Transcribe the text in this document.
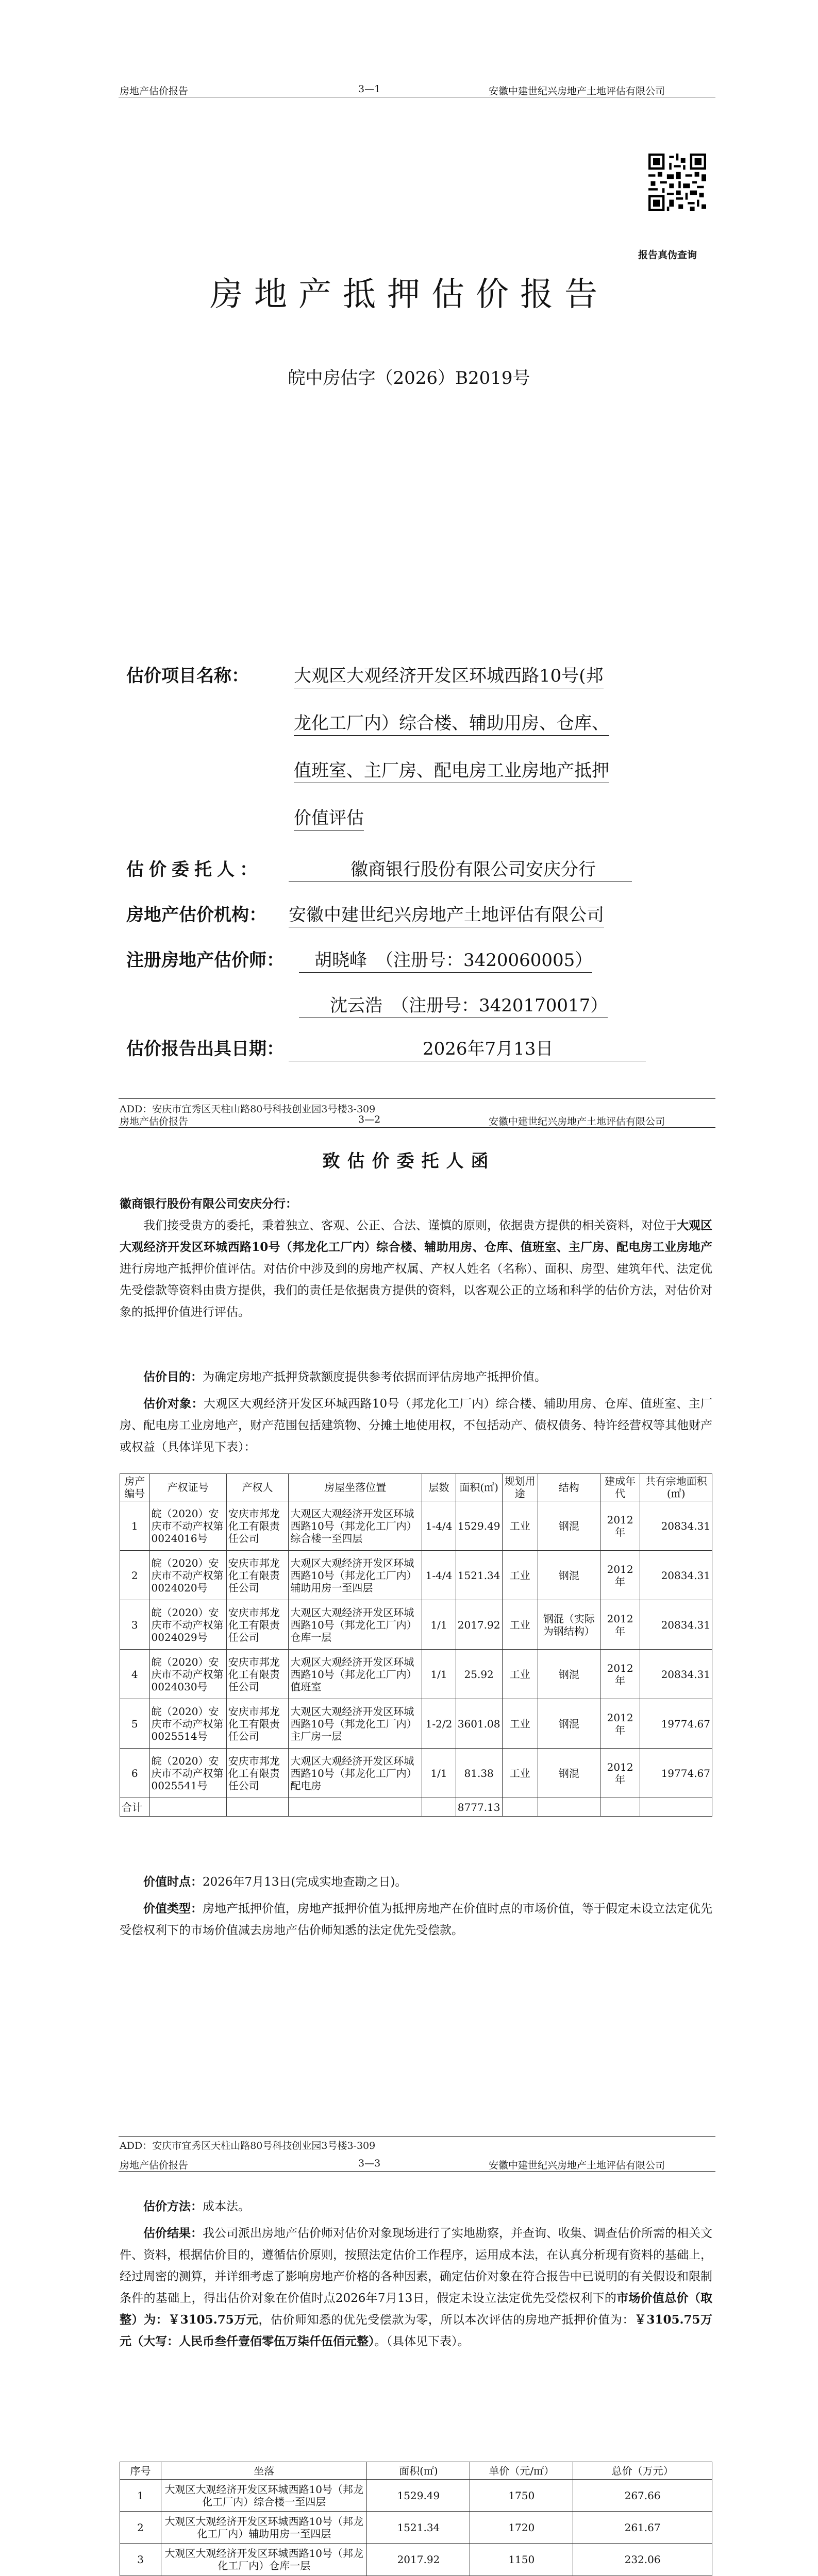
房地产估价报告	3—1	安徽中建世纪兴房地产土地评估有限公司
报告真伪查询
房地产抵押估价报告
皖中房估字（2026）B2019号
估价项目名称：	大观区大观经济开发区环城西路10号(邦
龙化工厂内）综合楼、辅助用房、仓库、
值班室、主厂房、配电房工业房地产抵押
价值评估
估价委托人：	徽商银行股份有限公司安庆分行
房地产估价机构： 安徽中建世纪兴房地产土地评估有限公司
注册房地产估价师：	胡晓峰　（注册号：3420060005）
沈云浩　（注册号：3420170017）
估价报告出具日期：	2026年7月13日
ADD：安庆市宜秀区天柱山路80号科技创业园3号楼3-309
房地产估价报告	3—2	安徽中建世纪兴房地产土地评估有限公司
致估价委托人函
徽商银行股份有限公司安庆分行：
我们接受贵方的委托，秉着独立、客观、公正、合法、谨慎的原则，依据贵方提供的相关资料，对位于大观区大观经济开发区环城西路10号（邦龙化工厂内）综合楼、辅助用房、仓库、值班室、主厂房、配电房工业房地产进行房地产抵押价值评估。对估价中涉及到的房地产权属、产权人姓名（名称）、面积、房型、建筑年代、法定优先受偿款等资料由贵方提供，我们的责任是依据贵方提供的资料，以客观公正的立场和科学的估价方法，对估价对象的抵押价值进行评估。
估价目的：为确定房地产抵押贷款额度提供参考依据而评估房地产抵押价值。
估价对象：大观区大观经济开发区环城西路10号（邦龙化工厂内）综合楼、辅助用房、仓库、值班室、主厂房、配电房工业房地产，财产范围包括建筑物、分摊土地使用权，不包括动产、债权债务、特许经营权等其他财产或权益（具体详见下表）：
房产编号	产权证号	产权人	房屋坐落位置	层数	面积(㎡)	规划用途	结构	建成年代	共有宗地面积(㎡)
1	皖（2020）安庆市不动产权第0024016号	安庆市邦龙化工有限责任公司	大观区大观经济开发区环城西路10号（邦龙化工厂内）综合楼一至四层	1-4/4	1529.49	工业	钢混	2012年	20834.31
2	皖（2020）安庆市不动产权第0024020号	安庆市邦龙化工有限责任公司	大观区大观经济开发区环城西路10号（邦龙化工厂内）辅助用房一至四层	1-4/4	1521.34	工业	钢混	2012年	20834.31
3	皖（2020）安庆市不动产权第0024029号	安庆市邦龙化工有限责任公司	大观区大观经济开发区环城西路10号（邦龙化工厂内）仓库一层	1/1	2017.92	工业	钢混（实际为钢结构）	2012年	20834.31
4	皖（2020）安庆市不动产权第0024030号	安庆市邦龙化工有限责任公司	大观区大观经济开发区环城西路10号（邦龙化工厂内）值班室	1/1	25.92	工业	钢混	2012年	20834.31
5	皖（2020）安庆市不动产权第0025514号	安庆市邦龙化工有限责任公司	大观区大观经济开发区环城西路10号（邦龙化工厂内）主厂房一层	1-2/2	3601.08	工业	钢混	2012年	19774.67
6	皖（2020）安庆市不动产权第0025541号	安庆市邦龙化工有限责任公司	大观区大观经济开发区环城西路10号（邦龙化工厂内）配电房	1/1	81.38	工业	钢混	2012年	19774.67
合计					8777.13				
价值时点：2026年7月13日(完成实地查勘之日)。
价值类型：房地产抵押价值，房地产抵押价值为抵押房地产在价值时点的市场价值，等于假定未设立法定优先受偿权利下的市场价值减去房地产估价师知悉的法定优先受偿款。
ADD：安庆市宜秀区天柱山路80号科技创业园3号楼3-309
房地产估价报告	3—3	安徽中建世纪兴房地产土地评估有限公司
估价方法：成本法。
估价结果：我公司派出房地产估价师对估价对象现场进行了实地勘察，并查询、收集、调查估价所需的相关文件、资料，根据估价目的，遵循估价原则，按照法定估价工作程序，运用成本法，在认真分析现有资料的基础上，经过周密的测算，并详细考虑了影响房地产价格的各种因素，确定估价对象在符合报告中已说明的有关假设和限制条件的基础上，得出估价对象在价值时点2026年7月13日，假定未设立法定优先受偿权利下的市场价值总价（取整）为：￥3105.75万元，估价师知悉的优先受偿款为零，所以本次评估的房地产抵押价值为：￥3105.75万元（大写：人民币叁仟壹佰零伍万柒仟伍佰元整）。（具体见下表）。
序号	坐落	面积(㎡)	单价（元/㎡）	总价（万元）
1	大观区大观经济开发区环城西路10号（邦龙化工厂内）综合楼一至四层	1529.49	1750	267.66
2	大观区大观经济开发区环城西路10号（邦龙化工厂内）辅助用房一至四层	1521.34	1720	261.67
3	大观区大观经济开发区环城西路10号（邦龙化工厂内）仓库一层	2017.92	1150	232.06
